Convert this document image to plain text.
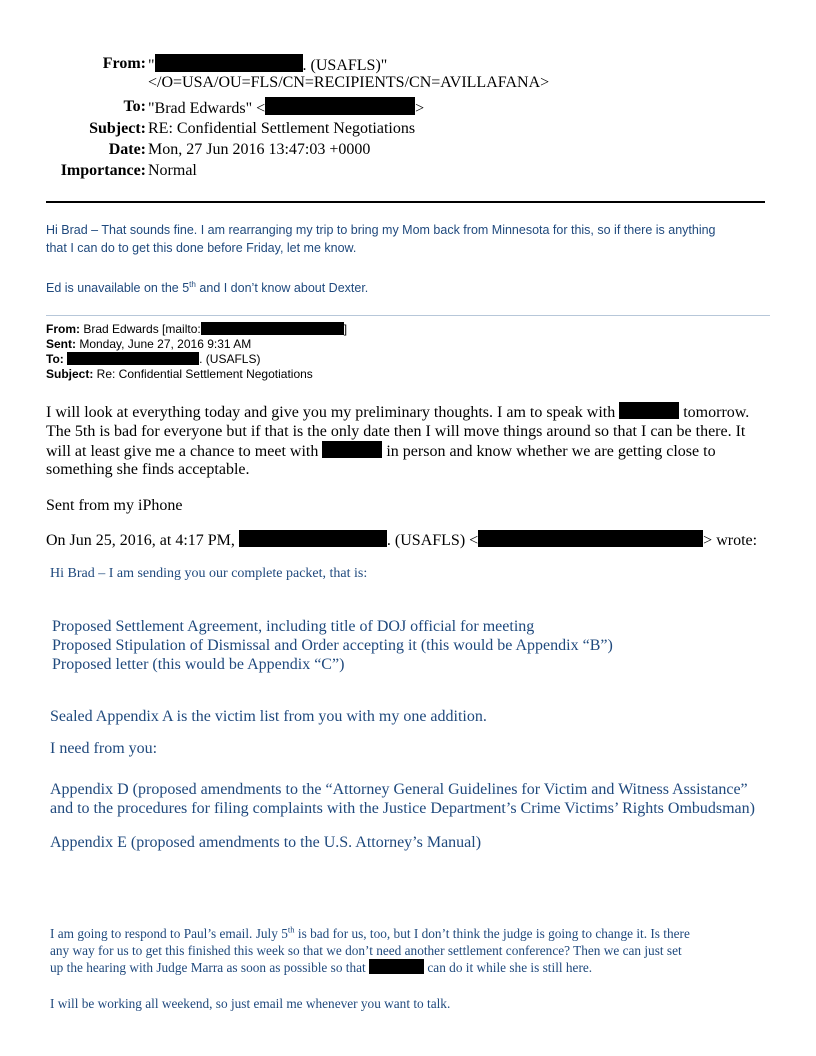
From: "	. (USAFLS)"
</O=USA/OU=FLS/CN=RECIPIENTS/CN=AVILLAFANA>
To: "Brad Edwards" <	>
Subject: RE: Confidential Settlement Negotiations
Date: Mon, 27 Jun 2016 13:47:03 +0000
Importance: Normal
Hi Brad – That sounds fine. I am rearranging my trip to bring my Mom back from Minnesota for this, so if there is anything
that I can do to get this done before Friday, let me know.
Ed is unavailable on the 5th and I don’t know about Dexter.
From: Brad Edwards [mailto:	]
Sent: Monday, June 27, 2016 9:31 AM
To:	. (USAFLS)
Subject: Re: Confidential Settlement Negotiations
I will look at everything today and give you my preliminary thoughts. I am to speak with	tomorrow.
The 5th is bad for everyone but if that is the only date then I will move things around so that I can be there. It
will at least give me a chance to meet with	in person and know whether we are getting close to
something she finds acceptable.
Sent from my iPhone
On Jun 25, 2016, at 4:17 PM,	. (USAFLS) <	> wrote:
Hi Brad – I am sending you our complete packet, that is:
Proposed Settlement Agreement, including title of DOJ official for meeting
Proposed Stipulation of Dismissal and Order accepting it (this would be Appendix “B”)
Proposed letter (this would be Appendix “C”)
Sealed Appendix A is the victim list from you with my one addition.
I need from you:
Appendix D (proposed amendments to the “Attorney General Guidelines for Victim and Witness Assistance”
and to the procedures for filing complaints with the Justice Department’s Crime Victims’ Rights Ombudsman)
Appendix E (proposed amendments to the U.S. Attorney’s Manual)
I am going to respond to Paul’s email. July 5th is bad for us, too, but I don’t think the judge is going to change it. Is there
any way for us to get this finished this week so that we don’t need another settlement conference? Then we can just set
up the hearing with Judge Marra as soon as possible so that	can do it while she is still here.
I will be working all weekend, so just email me whenever you want to talk.
